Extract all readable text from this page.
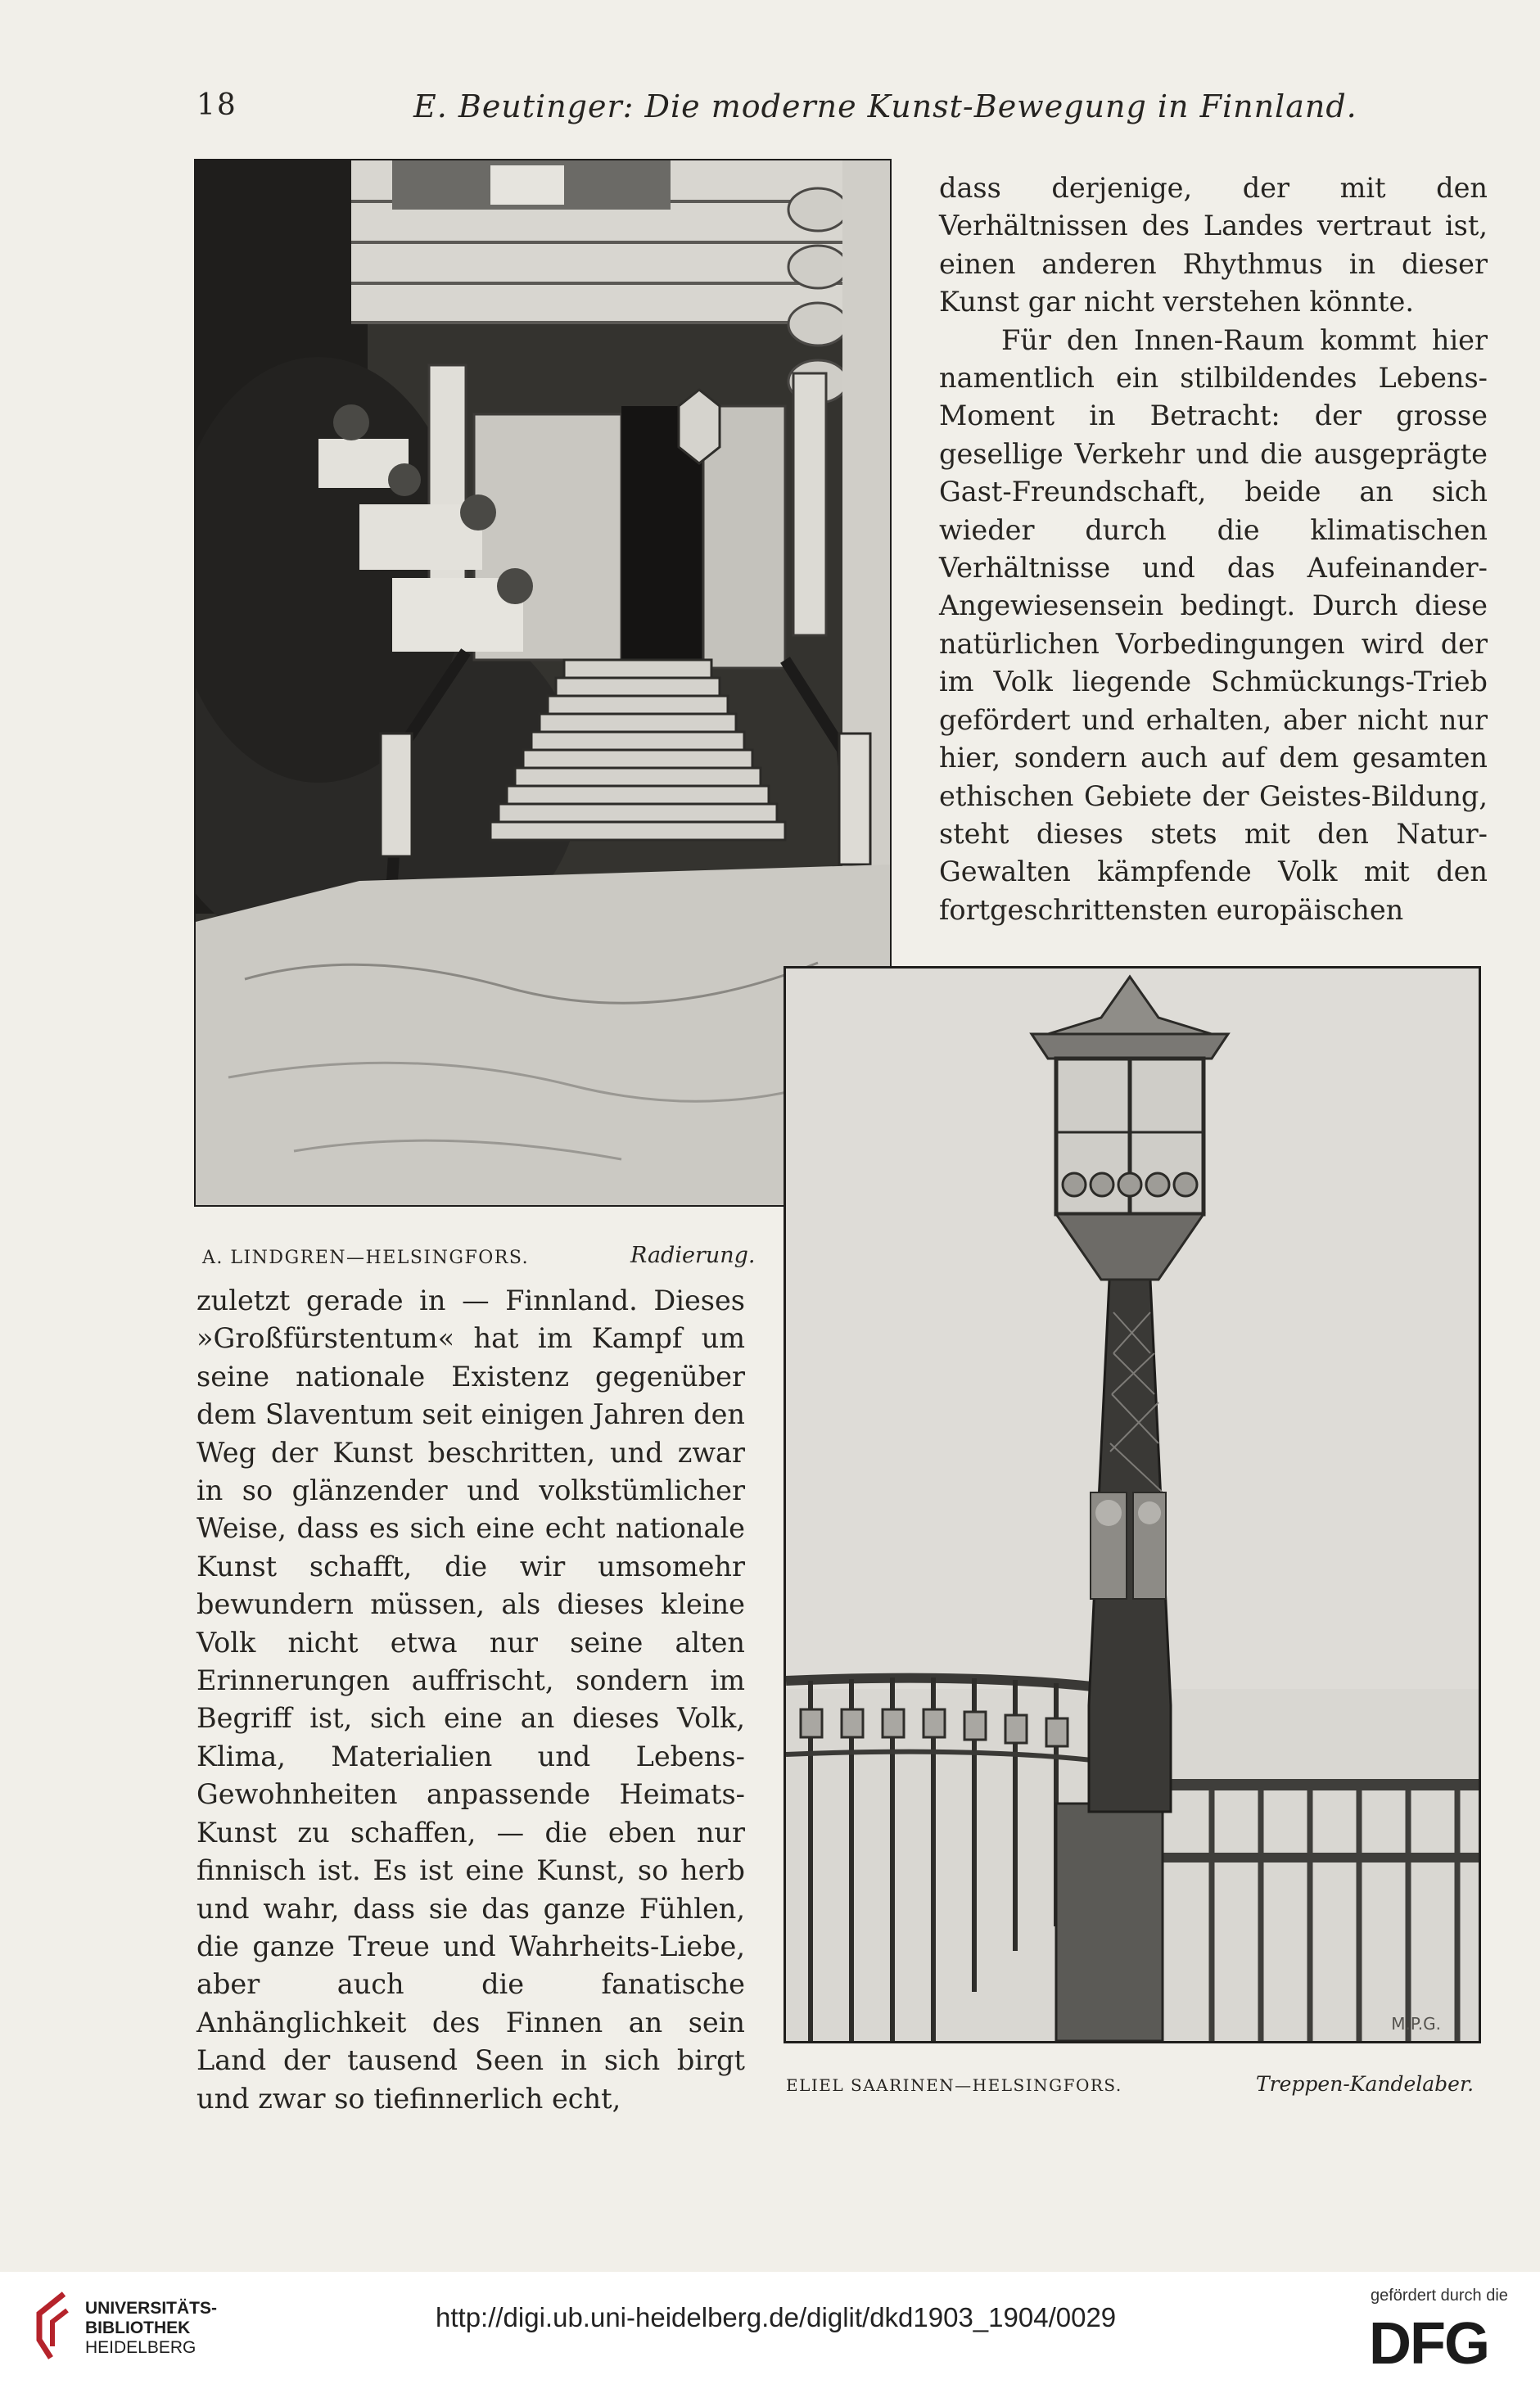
18	E. Beutinger: Die moderne Kunst-Bewegung in Finnland.

dass derjenige, der mit den Verhältnissen des Landes vertraut ist, einen anderen Rhythmus in dieser Kunst gar nicht verstehen könnte.

Für den Innen-Raum kommt hier namentlich ein stilbildendes Lebens-Moment in Betracht: der grosse gesellige Verkehr und die ausgeprägte Gast-Freundschaft, beide an sich wieder durch die klimatischen Verhältnisse und das Aufeinander-Angewiesensein bedingt. Durch diese natürlichen Vorbedingungen wird der im Volk liegende Schmückungs-Trieb gefördert und erhalten, aber nicht nur hier, sondern auch auf dem gesamten ethischen Gebiete der Geistes-Bildung, steht dieses stets mit den Natur-Gewalten kämpfende Volk mit den fortgeschrittensten europäischen

A. LINDGREN—HELSINGFORS.	Radierung.

zuletzt gerade in — Finnland. Dieses »Großfürstentum« hat im Kampf um seine nationale Existenz gegenüber dem Slaventum seit einigen Jahren den Weg der Kunst beschritten, und zwar in so glänzender und volkstümlicher Weise, dass es sich eine echt nationale Kunst schafft, die wir umsomehr bewundern müssen, als dieses kleine Volk nicht etwa nur seine alten Erinnerungen auffrischt, sondern im Begriff ist, sich eine an dieses Volk, Klima, Materialien und Lebens-Gewohnheiten anpassende Heimats-Kunst zu schaffen, — die eben nur finnisch ist. Es ist eine Kunst, so herb und wahr, dass sie das ganze Fühlen, die ganze Treue und Wahrheits-Liebe, aber auch die fanatische Anhänglichkeit des Finnen an sein Land der tausend Seen in sich birgt und zwar so tiefinnerlich echt,

M.P.G.
ELIEL SAARINEN—HELSINGFORS.	Treppen-Kandelaber.
UNIVERSITÄTS-
BIBLIOTHEK
HEIDELBERG
http://digi.ub.uni-heidelberg.de/diglit/dkd1903_1904/0029
gefördert durch die
DFG
